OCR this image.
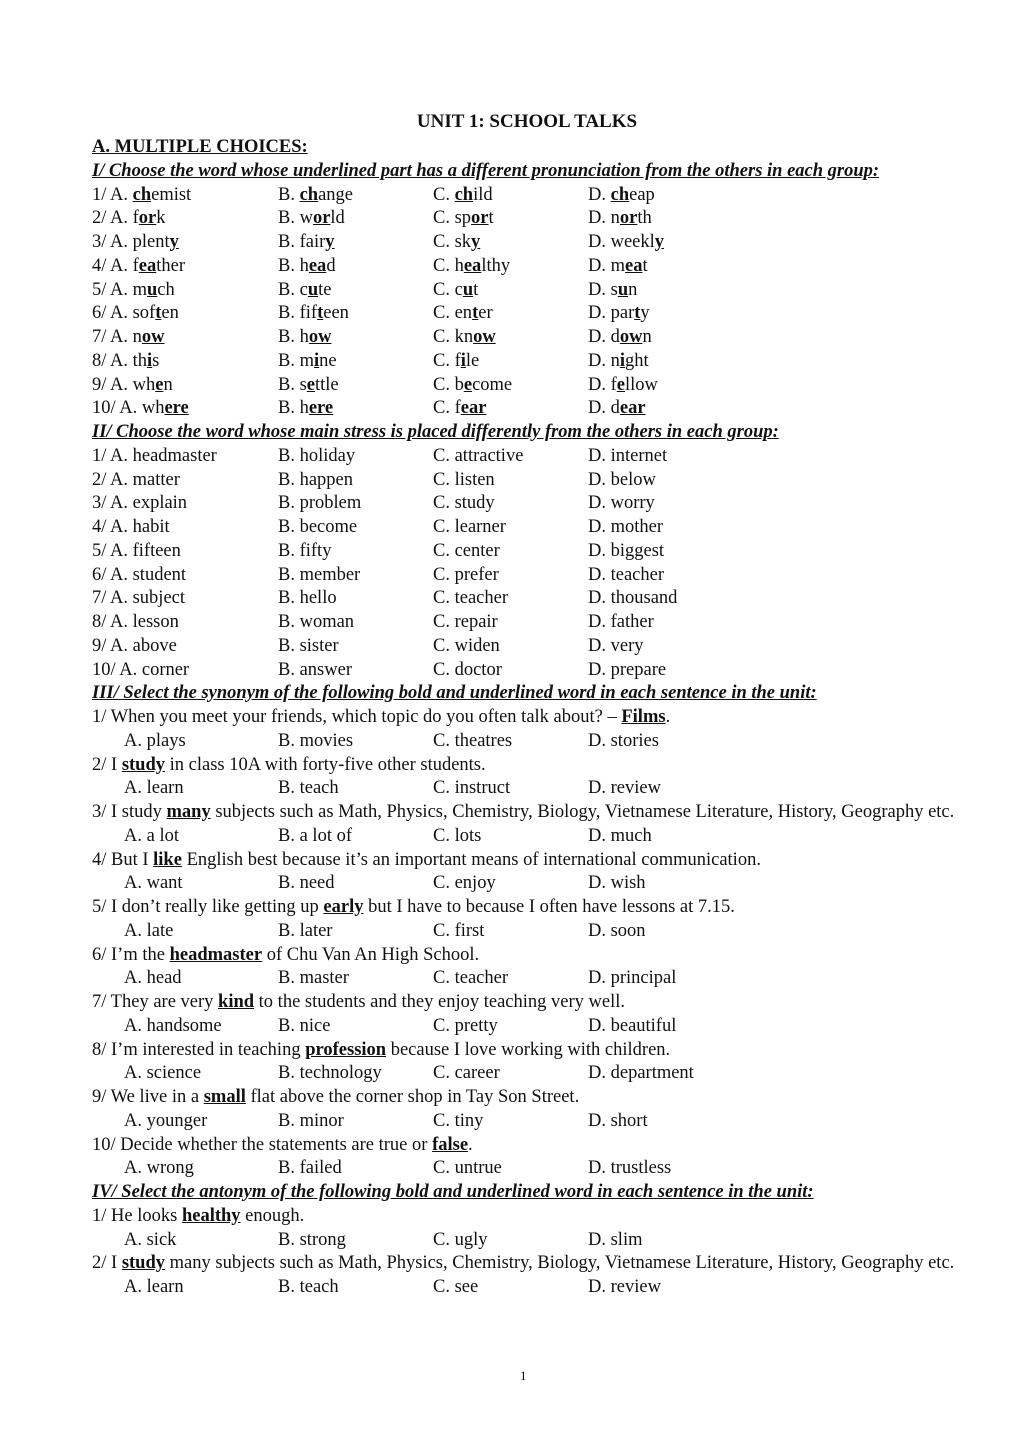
UNIT 1: SCHOOL TALKS
A. MULTIPLE CHOICES:
I/ Choose the word whose underlined part has a different pronunciation from the others in each group:
1/ A. chemist	B. change	C. child	D. cheap
2/ A. fork	B. world	C. sport	D. north
3/ A. plenty	B. fairy	C. sky	D. weekly
4/ A. feather	B. head	C. healthy	D. meat
5/ A. much	B. cute	C. cut	D. sun
6/ A. soften	B. fifteen	C. enter	D. party
7/ A. now	B. how	C. know	D. down
8/ A. this	B. mine	C. file	D. night
9/ A. when	B. settle	C. become	D. fellow
10/ A. where	B. here	C. fear	D. dear
II/ Choose the word whose main stress is placed differently from the others in each group:
1/ A. headmaster	B. holiday	C. attractive	D. internet
2/ A. matter	B. happen	C. listen	D. below
3/ A. explain	B. problem	C. study	D. worry
4/ A. habit	B. become	C. learner	D. mother
5/ A. fifteen	B. fifty	C. center	D. biggest
6/ A. student	B. member	C. prefer	D. teacher
7/ A. subject	B. hello	C. teacher	D. thousand
8/ A. lesson	B. woman	C. repair	D. father
9/ A. above	B. sister	C. widen	D. very
10/ A. corner	B. answer	C. doctor	D. prepare
III/ Select the synonym of the following bold and underlined word in each sentence in the unit:
1/ When you meet your friends, which topic do you often talk about? – Films.
A. plays	B. movies	C. theatres	D. stories
2/ I study in class 10A with forty-five other students.
A. learn	B. teach	C. instruct	D. review
3/ I study many subjects such as Math, Physics, Chemistry, Biology, Vietnamese Literature, History, Geography etc.
A. a lot	B. a lot of	C. lots	D. much
4/ But I like English best because it’s an important means of international communication.
A. want	B. need	C. enjoy	D. wish
5/ I don’t really like getting up early but I have to because I often have lessons at 7.15.
A. late	B. later	C. first	D. soon
6/ I’m the headmaster of Chu Van An High School.
A. head	B. master	C. teacher	D. principal
7/ They are very kind to the students and they enjoy teaching very well.
A. handsome	B. nice	C. pretty	D. beautiful
8/ I’m interested in teaching profession because I love working with children.
A. science	B. technology	C. career	D. department
9/ We live in a small flat above the corner shop in Tay Son Street.
A. younger	B. minor	C. tiny	D. short
10/ Decide whether the statements are true or false.
A. wrong	B. failed	C. untrue	D. trustless
IV/ Select the antonym of the following bold and underlined word in each sentence in the unit:
1/ He looks healthy enough.
A. sick	B. strong	C. ugly	D. slim
2/ I study many subjects such as Math, Physics, Chemistry, Biology, Vietnamese Literature, History, Geography etc.
A. learn	B. teach	C. see	D. review
1
